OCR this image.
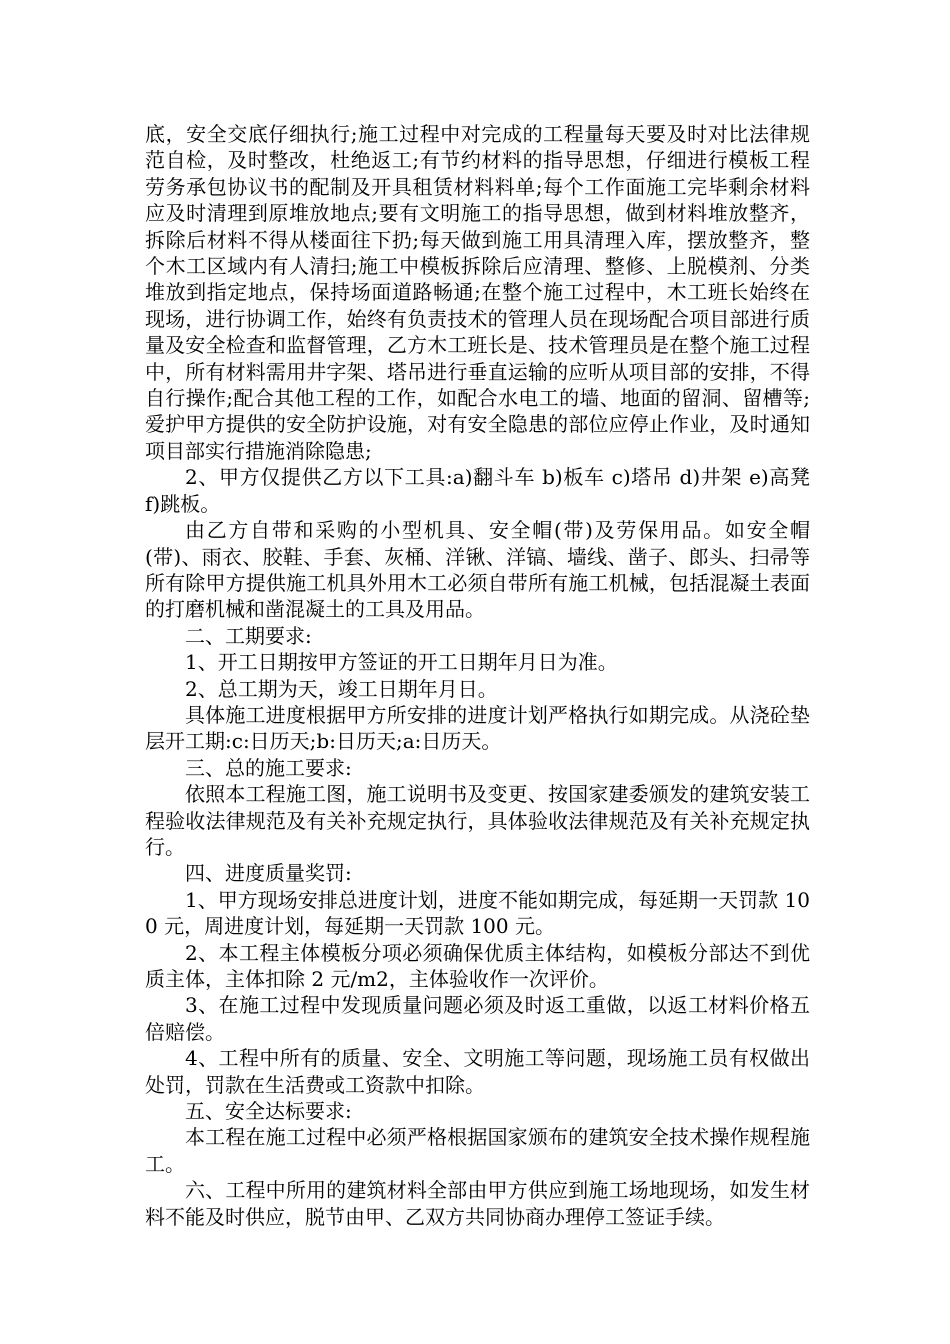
底，安全交底仔细执行;施工过程中对完成的工程量每天要及时对比法律规范自检，及时整改，杜绝返工;有节约材料的指导思想，仔细进行模板工程劳务承包协议书的配制及开具租赁材料料单;每个工作面施工完毕剩余材料应及时清理到原堆放地点;要有文明施工的指导思想，做到材料堆放整齐，拆除后材料不得从楼面往下扔;每天做到施工用具清理入库，摆放整齐，整个木工区域内有人清扫;施工中模板拆除后应清理、整修、上脱模剂、分类堆放到指定地点，保持场面道路畅通;在整个施工过程中，木工班长始终在现场，进行协调工作，始终有负责技术的管理人员在现场配合项目部进行质量及安全检查和监督管理，乙方木工班长是、技术管理员是在整个施工过程中，所有材料需用井字架、塔吊进行垂直运输的应听从项目部的安排，不得自行操作;配合其他工程的工作，如配合水电工的墙、地面的留洞、留槽等;爱护甲方提供的安全防护设施，对有安全隐患的部位应停止作业，及时通知项目部实行措施消除隐患;

2、甲方仅提供乙方以下工具:a)翻斗车 b)板车 c)塔吊 d)井架 e)高凳 f)跳板。

由乙方自带和采购的小型机具、安全帽(带)及劳保用品。如安全帽(带)、雨衣、胶鞋、手套、灰桶、洋锹、洋镐、墙线、凿子、郎头、扫帚等所有除甲方提供施工机具外用木工必须自带所有施工机械，包括混凝土表面的打磨机械和凿混凝土的工具及用品。

二、工期要求:

1、开工日期按甲方签证的开工日期年月日为准。

2、总工期为天，竣工日期年月日。

具体施工进度根据甲方所安排的进度计划严格执行如期完成。从浇砼垫层开工期:c:日历天;b:日历天;a:日历天。

三、总的施工要求:

依照本工程施工图，施工说明书及变更、按国家建委颁发的建筑安装工程验收法律规范及有关补充规定执行，具体验收法律规范及有关补充规定执行。

四、进度质量奖罚:

1、甲方现场安排总进度计划，进度不能如期完成，每延期一天罚款 100 元，周进度计划，每延期一天罚款 100 元。

2、本工程主体模板分项必须确保优质主体结构，如模板分部达不到优质主体，主体扣除 2 元/m2，主体验收作一次评价。

3、在施工过程中发现质量问题必须及时返工重做，以返工材料价格五倍赔偿。

4、工程中所有的质量、安全、文明施工等问题，现场施工员有权做出处罚，罚款在生活费或工资款中扣除。

五、安全达标要求:

本工程在施工过程中必须严格根据国家颁布的建筑安全技术操作规程施工。

六、工程中所用的建筑材料全部由甲方供应到施工场地现场，如发生材料不能及时供应，脱节由甲、乙双方共同协商办理停工签证手续。
